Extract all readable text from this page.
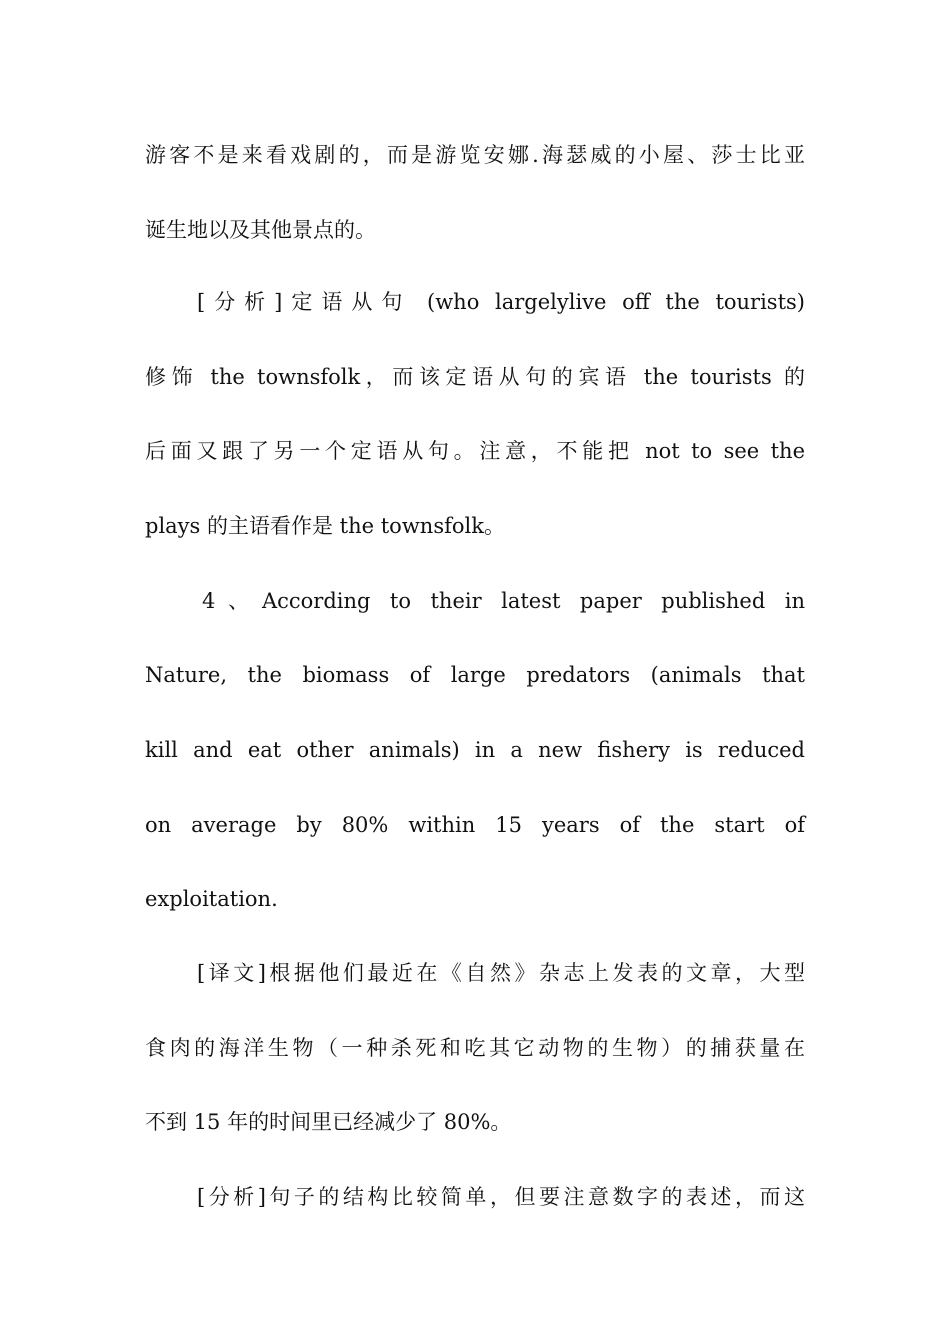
游客不是来看戏剧的，而是游览安娜.海瑟威的小屋、莎士比亚
诞生地以及其他景点的。
[分析]定语从句 (who largelylive off the tourists)
修饰 the townsfolk，而该定语从句的宾语 the tourists 的
后面又跟了另一个定语从句。注意，不能把 not to see the
plays 的主语看作是 the townsfolk。
4、According to their latest paper published in
Nature, the biomass of large predators (animals that
kill and eat other animals) in a new fishery is reduced
on average by 80% within 15 years of the start of
exploitation.
[译文]根据他们最近在《自然》杂志上发表的文章，大型
食肉的海洋生物（一种杀死和吃其它动物的生物）的捕获量在
不到 15 年的时间里已经减少了 80%。
[分析]句子的结构比较简单，但要注意数字的表述，而这
